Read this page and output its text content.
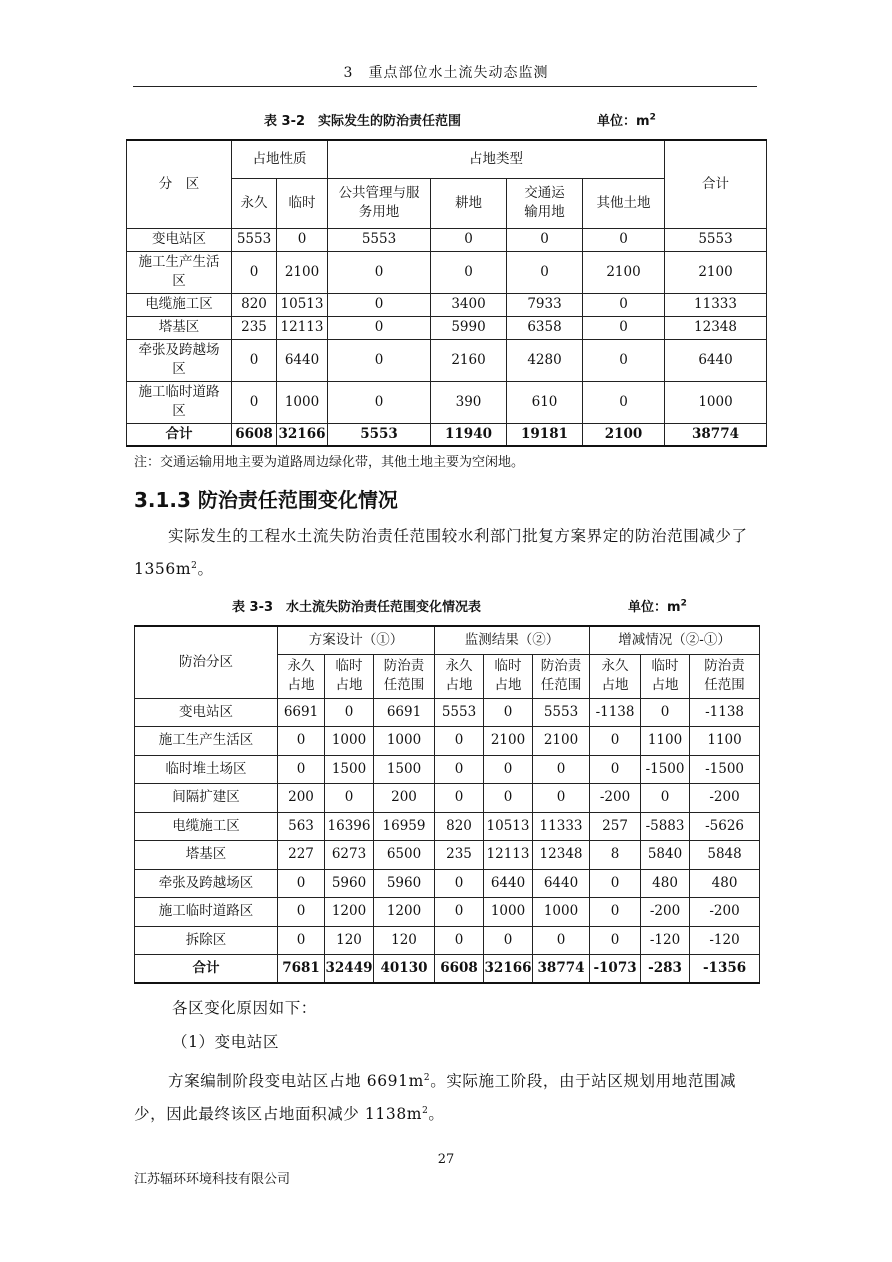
3　重点部位水土流失动态监测
表 3-2　实际发生的防治责任范围	单位：$m^2$
分　区	占地性质		占地类型				合计
	永久	临时	公共管理与服务用地	耕地	交通运输用地	其他土地	
变电站区	5553	0	5553	0	0	0	5553
施工生产生活区	0	2100	0	0	0	2100	2100
电缆施工区	820	10513	0	3400	7933	0	11333
塔基区	235	12113	0	5990	6358	0	12348
牵张及跨越场区	0	6440	0	2160	4280	0	6440
施工临时道路区	0	1000	0	390	610	0	1000
合计	6608	32166	5553	11940	19181	2100	38774
注：交通运输用地主要为道路周边绿化带，其他土地主要为空闲地。
3.1.3 防治责任范围变化情况
实际发生的工程水土流失防治责任范围较水利部门批复方案界定的防治范围减少了 $1356m^2$。
表 3-3　水土流失防治责任范围变化情况表	单位：$m^2$
防治分区	方案设计（①）			监测结果（②）			增减情况（②-①）		
	永久占地	临时占地	防治责任范围	永久占地	临时占地	防治责任范围	永久占地	临时占地	防治责任范围
变电站区	6691	0	6691	5553	0	5553	-1138	0	-1138
施工生产生活区	0	1000	1000	0	2100	2100	0	1100	1100
临时堆土场区	0	1500	1500	0	0	0	0	-1500	-1500
间隔扩建区	200	0	200	0	0	0	-200	0	-200
电缆施工区	563	16396	16959	820	10513	11333	257	-5883	-5626
塔基区	227	6273	6500	235	12113	12348	8	5840	5848
牵张及跨越场区	0	5960	5960	0	6440	6440	0	480	480
施工临时道路区	0	1200	1200	0	1000	1000	0	-200	-200
拆除区	0	120	120	0	0	0	0	-120	-120
合计	7681	32449	40130	6608	32166	38774	-1073	-283	-1356
各区变化原因如下：
（1）变电站区
方案编制阶段变电站区占地 $6691m^2$。实际施工阶段，由于站区规划用地范围减少，因此最终该区占地面积减少 $1138m^2$。
27
江苏辐环环境科技有限公司
